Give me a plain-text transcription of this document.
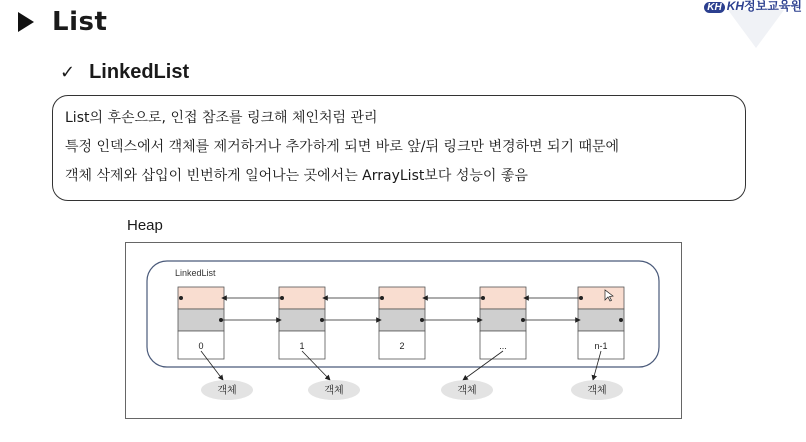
List	KH KH정보교육원
✓ LinkedList
List의 후손으로, 인접 참조를 링크해 체인처럼 관리
특정 인덱스에서 객체를 제거하거나 추가하게 되면 바로 앞/뒤 링크만 변경하면 되기 때문에
객체 삭제와 삽입이 빈번하게 일어나는 곳에서는 ArrayList보다 성능이 좋음
Heap
LinkedList
0	1	2	...	n-1
객체	객체	객체	객체
